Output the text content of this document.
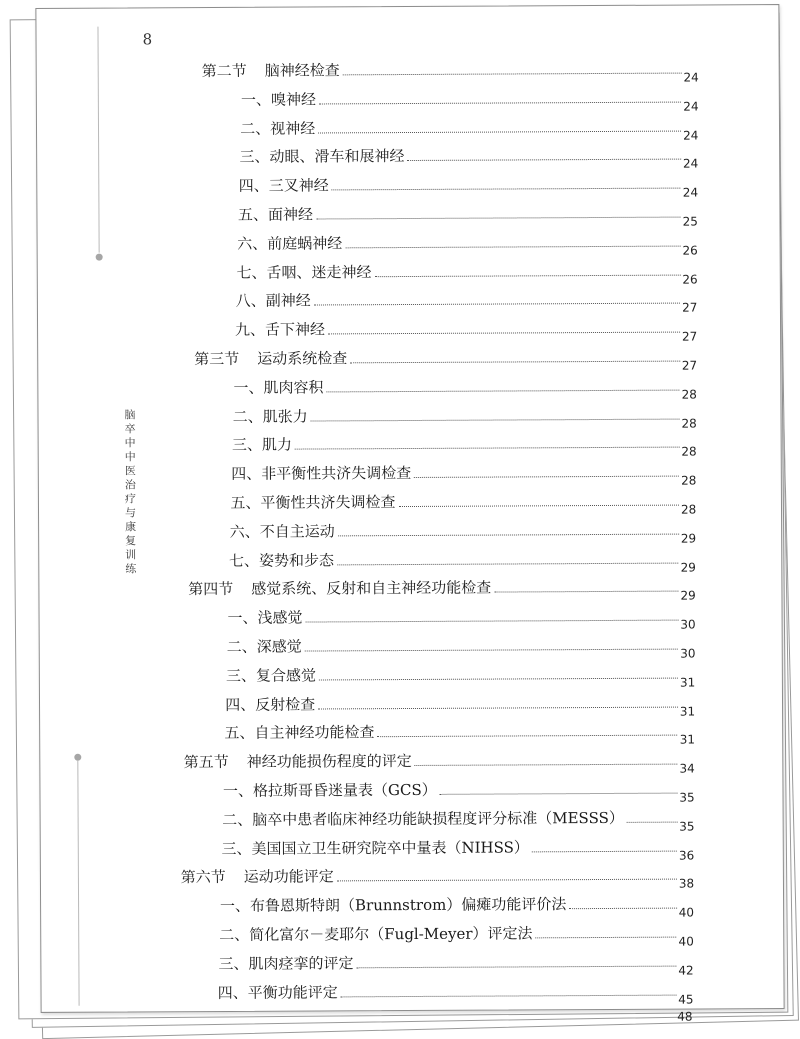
8
脑卒中中医治疗与康复训练
第二节 脑神经检查	24
一、嗅神经	24
二、视神经	24
三、动眼、滑车和展神经	24
四、三叉神经	24
五、面神经	25
六、前庭蜗神经	26
七、舌咽、迷走神经	26
八、副神经	27
九、舌下神经	27
第三节 运动系统检查	27
一、肌肉容积	28
二、肌张力	28
三、肌力	28
四、非平衡性共济失调检查	28
五、平衡性共济失调检查	28
六、不自主运动	29
七、姿势和步态	29
第四节 感觉系统、反射和自主神经功能检查	29
一、浅感觉	30
二、深感觉	30
三、复合感觉	31
四、反射检查	31
五、自主神经功能检查	31
第五节 神经功能损伤程度的评定	34
一、格拉斯哥昏迷量表（GCS）	35
二、脑卒中患者临床神经功能缺损程度评分标准（MESSS）	35
三、美国国立卫生研究院卒中量表（NIHSS）	36
第六节 运动功能评定	38
一、布鲁恩斯特朗（Brunnstrom）偏瘫功能评价法	40
二、简化富尔－麦耶尔（Fugl-Meyer）评定法	40
三、肌肉痉挛的评定	42
四、平衡功能评定	45
48
